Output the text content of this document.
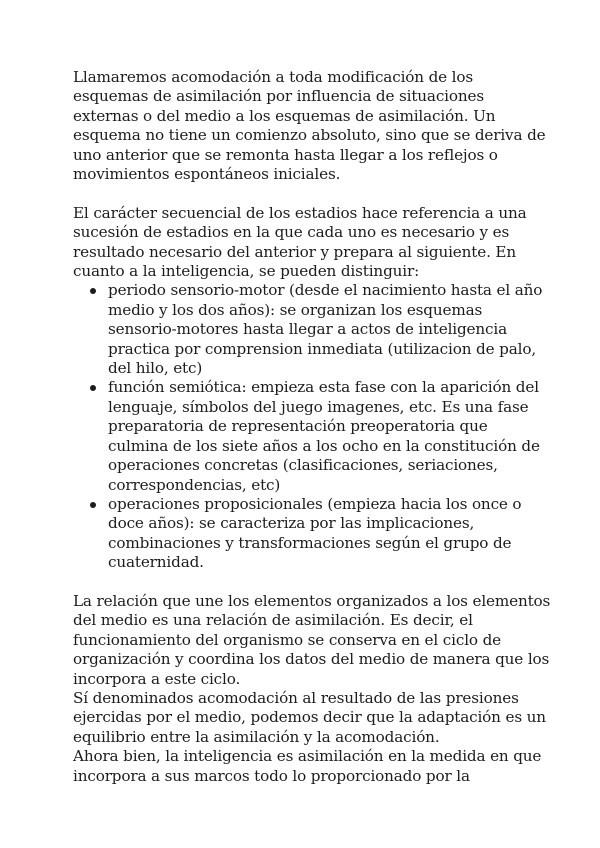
Llamaremos acomodación a toda modificación de los
esquemas de asimilación por influencia de situaciones
externas o del medio a los esquemas de asimilación. Un
esquema no tiene un comienzo absoluto, sino que se deriva de
uno anterior que se remonta hasta llegar a los reflejos o
movimientos espontáneos iniciales.

El carácter secuencial de los estadios hace referencia a una
sucesión de estadios en la que cada uno es necesario y es
resultado necesario del anterior y prepara al siguiente. En
cuanto a la inteligencia, se pueden distinguir:

periodo sensorio-motor (desde el nacimiento hasta el año
medio y los dos años): se organizan los esquemas
sensorio-motores hasta llegar a actos de inteligencia
practica por comprension inmediata (utilizacion de palo,
del hilo, etc)
función semiótica: empieza esta fase con la aparición del
lenguaje, símbolos del juego imagenes, etc. Es una fase
preparatoria de representación preoperatoria que
culmina de los siete años a los ocho en la constitución de
operaciones concretas (clasificaciones, seriaciones,
correspondencias, etc)
operaciones proposicionales (empieza hacia los once o
doce años): se caracteriza por las implicaciones,
combinaciones y transformaciones según el grupo de
cuaternidad.

La relación que une los elementos organizados a los elementos
del medio es una relación de asimilación. Es decir, el
funcionamiento del organismo se conserva en el ciclo de
organización y coordina los datos del medio de manera que los
incorpora a este ciclo.

Sí denominados acomodación al resultado de las presiones
ejercidas por el medio, podemos decir que la adaptación es un
equilibrio entre la asimilación y la acomodación.

Ahora bien, la inteligencia es asimilación en la medida en que
incorpora a sus marcos todo lo proporcionado por la
